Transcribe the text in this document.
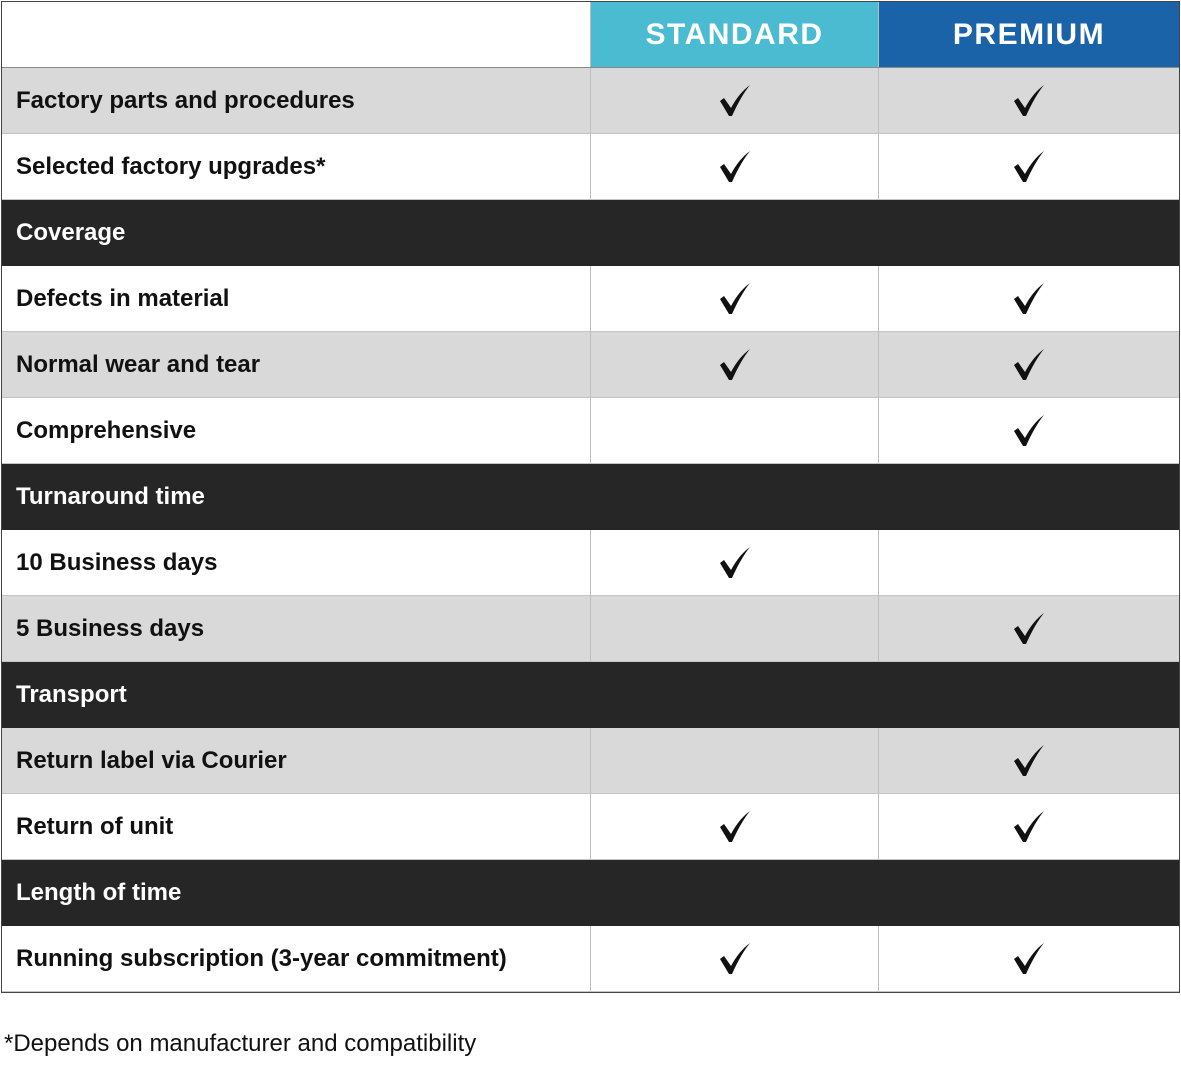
STANDARD	PREMIUM
Factory parts and procedures
Selected factory upgrades*
Coverage
Defects in material
Normal wear and tear
Comprehensive
Turnaround time
10 Business days
5 Business days
Transport
Return label via Courier
Return of unit
Length of time
Running subscription (3-year commitment)
*Depends on manufacturer and compatibility
